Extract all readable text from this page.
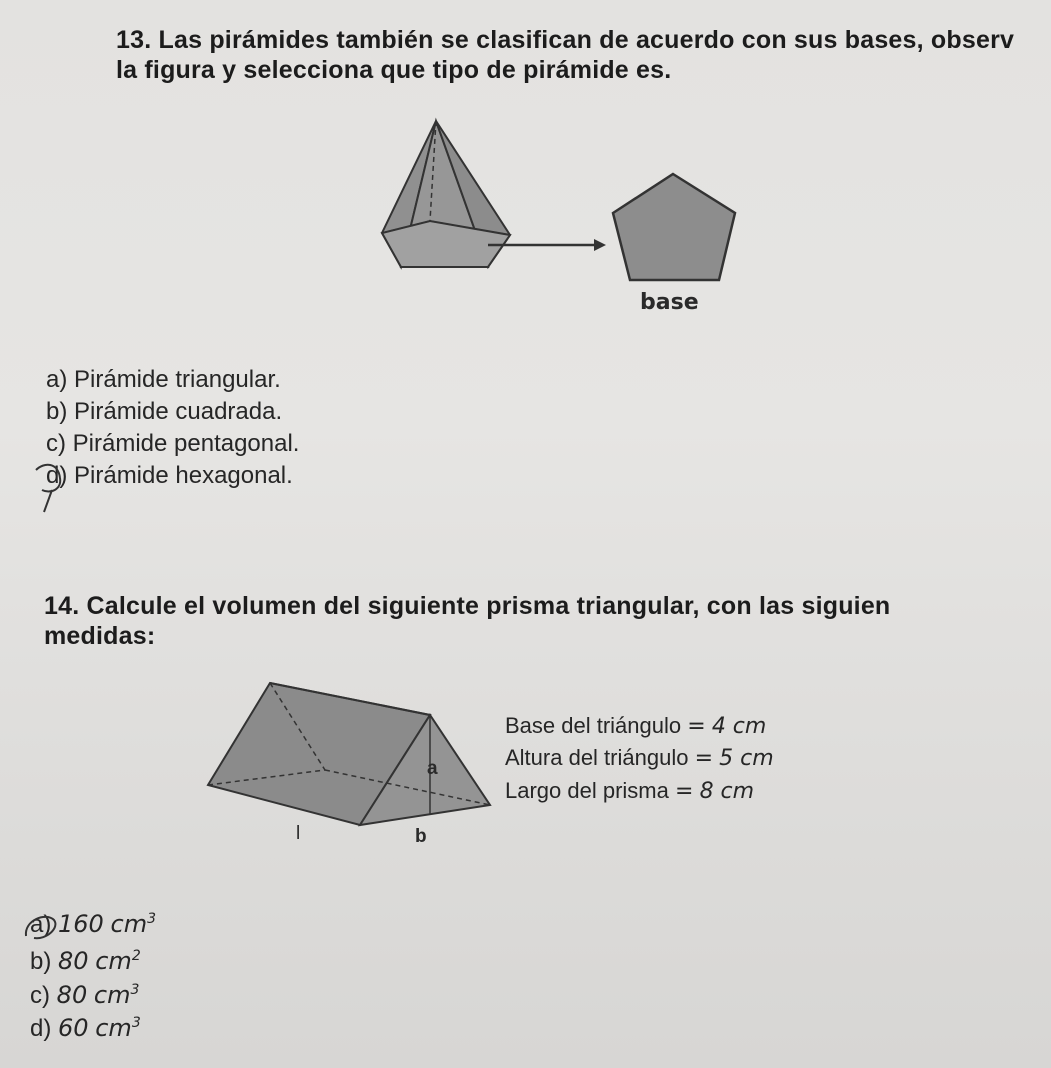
13. Las pirámides también se clasifican de acuerdo con sus bases, observ
la figura y selecciona que tipo de pirámide es.
base
a) Pirámide triangular.
b) Pirámide cuadrada.
c) Pirámide pentagonal.
d) Pirámide hexagonal.
14. Calcule el volumen del siguiente prisma triangular, con las siguien
medidas:
a
l	b
Base del triángulo = 4 cm
Altura del triángulo = 5 cm
Largo del prisma = 8 cm
a) 160 $cm^3$
b) 80 $cm^2$
c) 80 $cm^3$
d) 60 $cm^3$
